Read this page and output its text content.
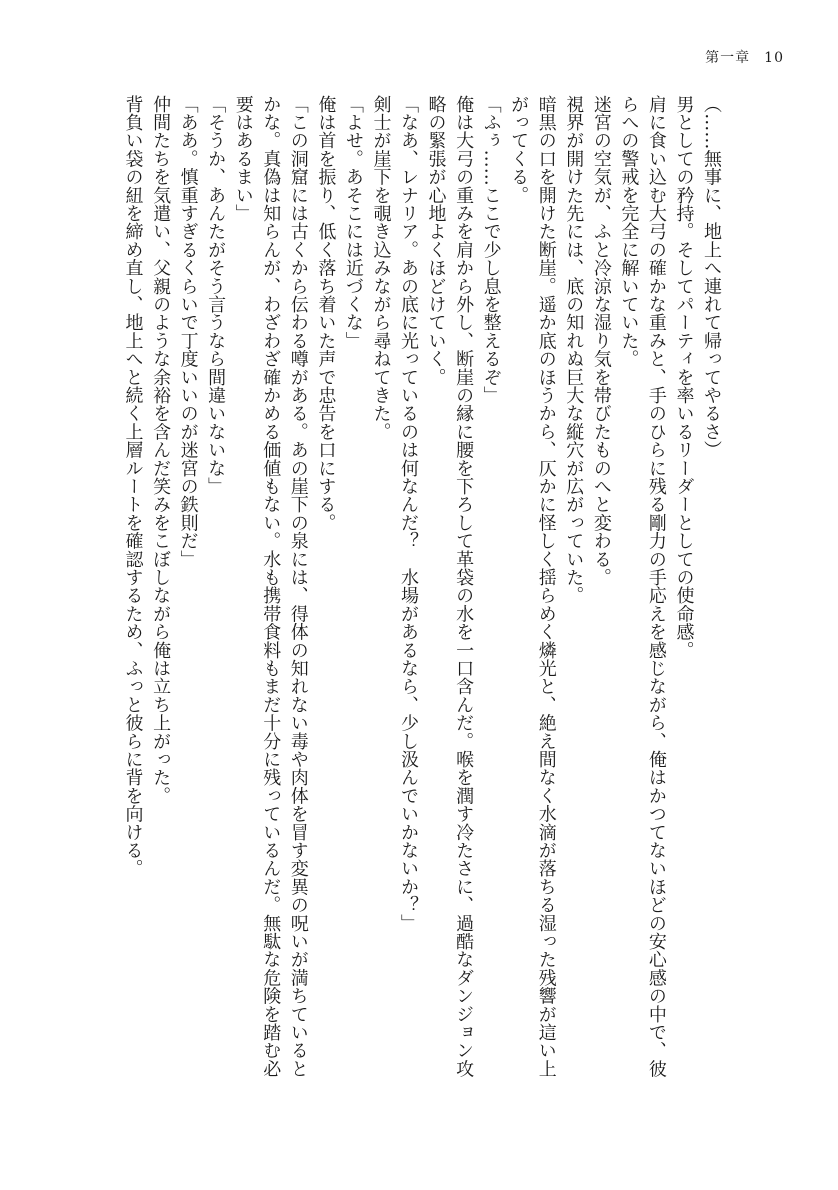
第一章 10

（……無事に、地上へ連れて帰ってやるさ）

男としての矜持。そしてパーティを率いるリーダーとしての使命感。

肩に食い込む大弓の確かな重みと、手のひらに残る剛力の手応えを感じながら、俺はかつてないほどの安心感の中で、彼らへの警戒を完全に解いていた。

迷宮の空気が、ふと冷涼な湿り気を帯びたものへと変わる。

視界が開けた先には、底の知れぬ巨大な縦穴が広がっていた。

暗黒の口を開けた断崖。遥か底のほうから、仄かに怪しく揺らめく燐光と、絶え間なく水滴が落ちる湿った残響が這い上がってくる。

「ふぅ……ここで少し息を整えるぞ」

俺は大弓の重みを肩から外し、断崖の縁に腰を下ろして革袋の水を一口含んだ。喉を潤す冷たさに、過酷なダンジョン攻略の緊張が心地よくほどけていく。

「なあ、レナリア。あの底に光っているのは何なんだ？　水場があるなら、少し汲んでいかないか？」

剣士が崖下を覗き込みながら尋ねてきた。

「よせ。あそこには近づくな」

俺は首を振り、低く落ち着いた声で忠告を口にする。

「この洞窟には古くから伝わる噂がある。あの崖下の泉には、得体の知れない毒や肉体を冒す変異の呪いが満ちているとかな。真偽は知らんが、わざわざ確かめる価値もない。水も携帯食料もまだ十分に残っているんだ。無駄な危険を踏む必要はあるまい」

「そうか、あんたがそう言うなら間違いないな」

「ああ。慎重すぎるくらいで丁度いいのが迷宮の鉄則だ」

仲間たちを気遣い、父親のような余裕を含んだ笑みをこぼしながら俺は立ち上がった。

背負い袋の紐を締め直し、地上へと続く上層ルートを確認するため、ふっと彼らに背を向ける。
